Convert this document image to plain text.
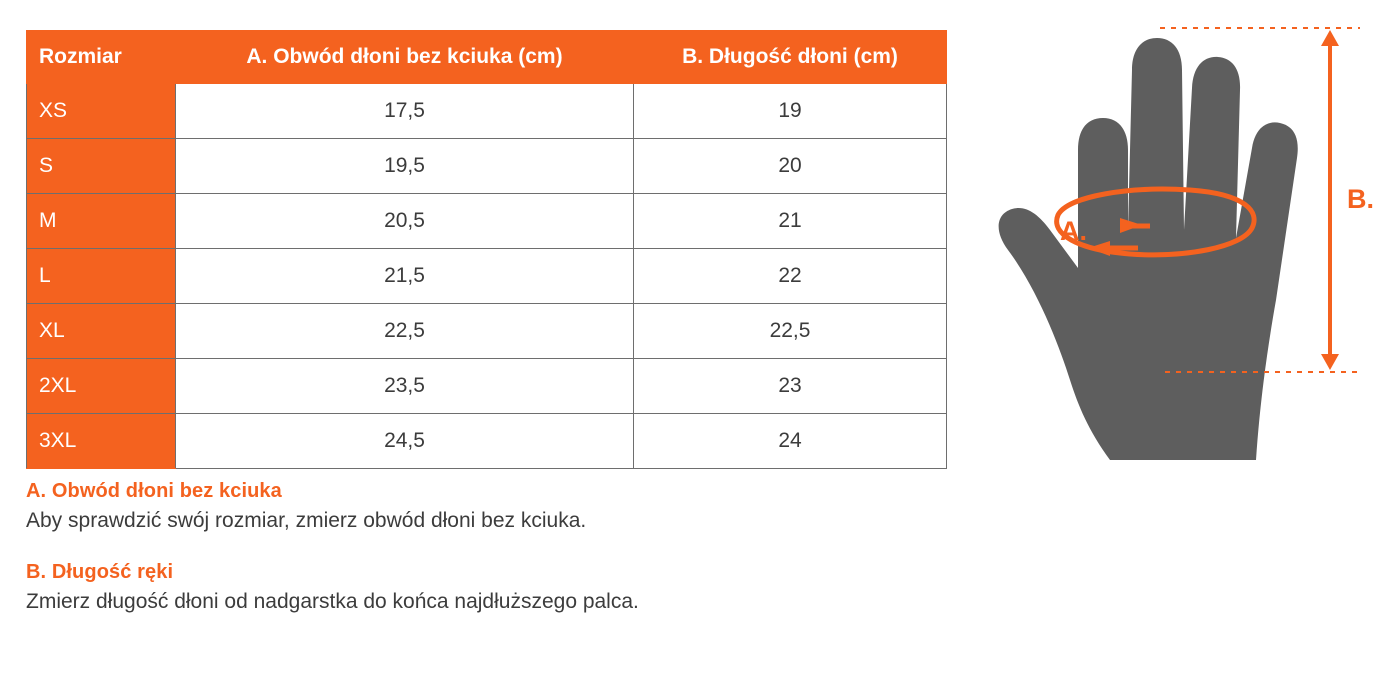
Rozmiar	A. Obwód dłoni bez kciuka (cm)	B. Długość dłoni (cm)
XS	17,5	19
S	19,5	20
M	20,5	21
L	21,5	22
XL	22,5	22,5
2XL	23,5	23
3XL	24,5	24

A. Obwód dłoni bez kciuka

Aby sprawdzić swój rozmiar, zmierz obwód dłoni bez kciuka.

B. Długość ręki

Zmierz długość dłoni od nadgarstka do końca najdłuższego palca.

A.
B.
